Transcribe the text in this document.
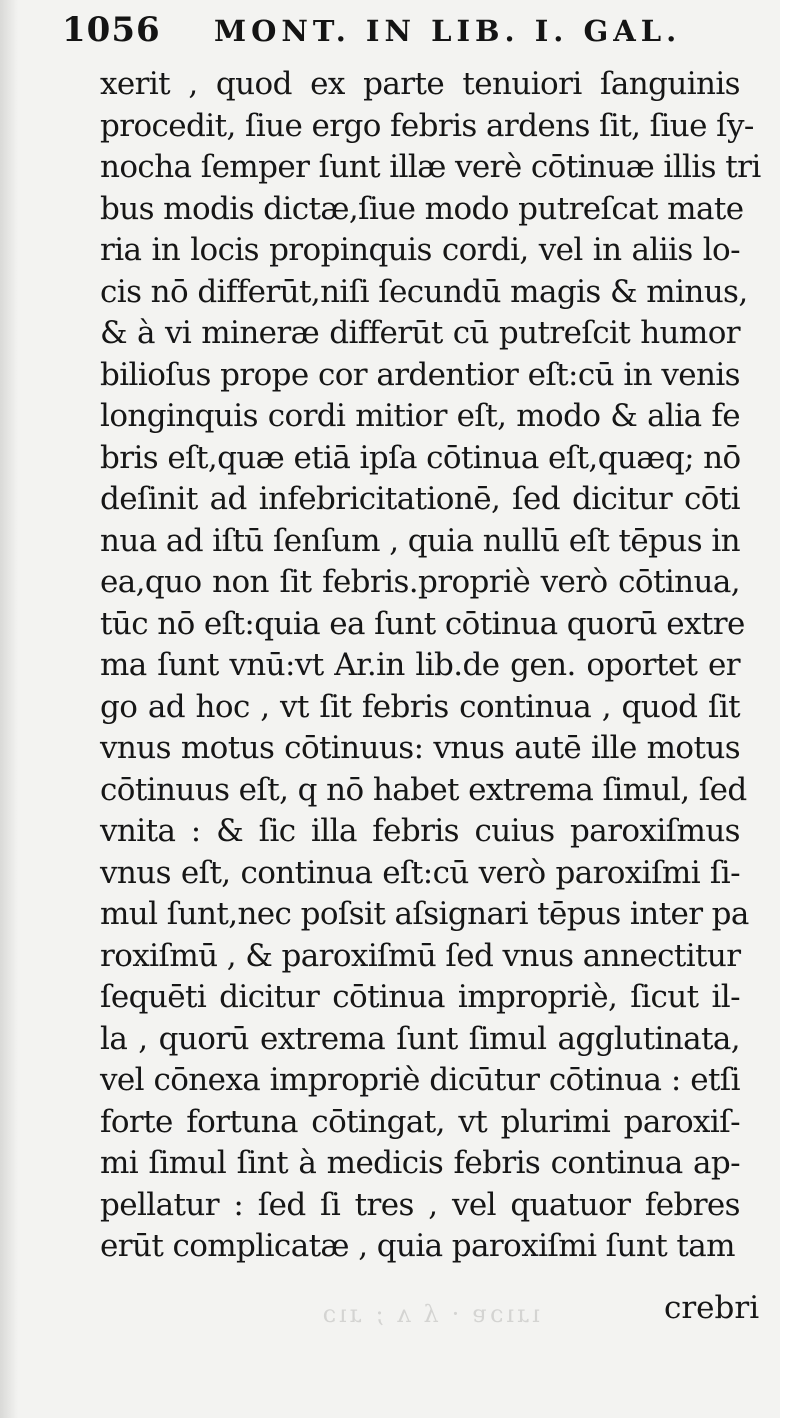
1056 MONT. IN LIB. I. GAL.
xerit , quod ex parte tenuiori ſanguinis
procedit, ſiue ergo febris ardens ſit, ſiue ſy-
nocha ſemper ſunt illæ verè cōtinuæ illis tri
bus modis dictæ,ſiue modo putreſcat mate
ria in locis propinquis cordi, vel in aliis lo-
cis nō differūt,niſi ſecundū magis & minus,
& à vi mineræ differūt cū putreſcit humor
bilioſus prope cor ardentior eſt:cū in venis
longinquis cordi mitior eſt, modo & alia fe
bris eſt,quæ etiā ipſa cōtinua eſt,quæq; nō
deſinit ad infebricitationē, ſed dicitur cōti
nua ad iſtū ſenſum , quia nullū eſt tēpus in
ea,quo non ſit febris.propriè verò cōtinua,
tūc nō eſt:quia ea ſunt cōtinua quorū extre
ma ſunt vnū:vt Ar.in lib.de gen. oportet er
go ad hoc , vt ſit febris continua , quod ſit
vnus motus cōtinuus: vnus autē ille motus
cōtinuus eſt, q nō habet extrema ſimul, ſed
vnita : & ſic illa febris cuius paroxiſmus
vnus eſt, continua eſt:cū verò paroxiſmi ſi-
mul ſunt,nec poſsit aſsignari tēpus inter pa
roxiſmū , & paroxiſmū ſed vnus annectitur
ſequēti dicitur cōtinua impropriè, ſicut il-
la , quorū extrema ſunt ſimul agglutinata,
vel cōnexa impropriè dicūtur cōtinua : etſi
forte fortuna cōtingat, vt plurimi paroxiſ-
mi ſimul ſint à medicis febris continua ap-
pellatur : ſed ſi tres , vel quatuor febres
erūt complicatæ , quia paroxiſmi ſunt tam
ıɹıɔɐ · ʎ ʌ ; ɹıɔ	crebri
